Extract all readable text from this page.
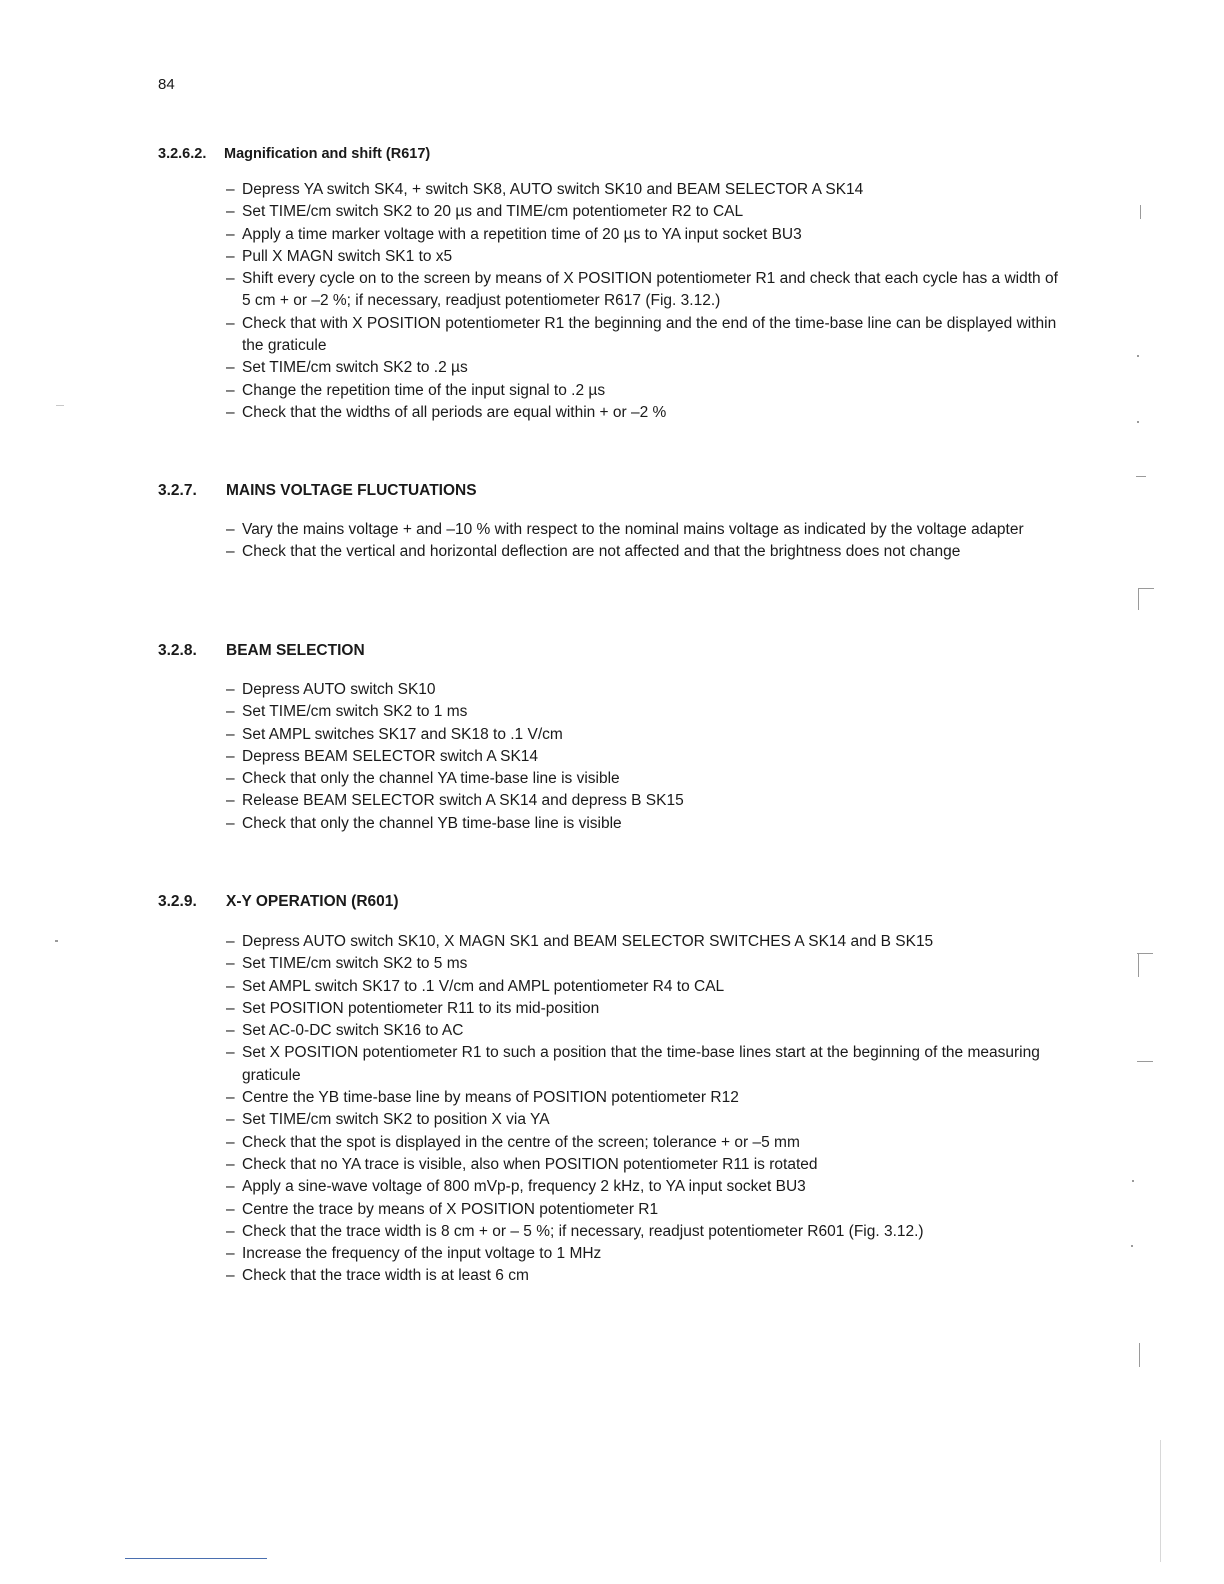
84
3.2.6.2.	Magnification and shift (R617)
– Depress YA switch SK4, + switch SK8, AUTO switch SK10 and BEAM SELECTOR A SK14
– Set TIME/cm switch SK2 to 20 µs and TIME/cm potentiometer R2 to CAL
– Apply a time marker voltage with a repetition time of 20 µs to YA input socket BU3
– Pull X MAGN switch SK1 to x5
– Shift every cycle on to the screen by means of X POSITION potentiometer R1 and check that each cycle has a width of 5 cm + or –2 %; if necessary, readjust potentiometer R617 (Fig. 3.12.)
– Check that with X POSITION potentiometer R1 the beginning and the end of the time-base line can be displayed within the graticule
– Set TIME/cm switch SK2 to .2 µs
– Change the repetition time of the input signal to .2 µs
– Check that the widths of all periods are equal within + or –2 %
3.2.7.	MAINS VOLTAGE FLUCTUATIONS
– Vary the mains voltage + and –10 % with respect to the nominal mains voltage as indicated by the voltage adapter
– Check that the vertical and horizontal deflection are not affected and that the brightness does not change
3.2.8.	BEAM SELECTION
– Depress AUTO switch SK10
– Set TIME/cm switch SK2 to 1 ms
– Set AMPL switches SK17 and SK18 to .1 V/cm
– Depress BEAM SELECTOR switch A SK14
– Check that only the channel YA time-base line is visible
– Release BEAM SELECTOR switch A SK14 and depress B SK15
– Check that only the channel YB time-base line is visible
3.2.9.	X-Y OPERATION (R601)
– Depress AUTO switch SK10, X MAGN SK1 and BEAM SELECTOR SWITCHES A SK14 and B SK15
– Set TIME/cm switch SK2 to 5 ms
– Set AMPL switch SK17 to .1 V/cm and AMPL potentiometer R4 to CAL
– Set POSITION potentiometer R11 to its mid-position
– Set AC-0-DC switch SK16 to AC
– Set X POSITION potentiometer R1 to such a position that the time-base lines start at the beginning of the measuring graticule
– Centre the YB time-base line by means of POSITION potentiometer R12
– Set TIME/cm switch SK2 to position X via YA
– Check that the spot is displayed in the centre of the screen; tolerance + or –5 mm
– Check that no YA trace is visible, also when POSITION potentiometer R11 is rotated
– Apply a sine-wave voltage of 800 mVp-p, frequency 2 kHz, to YA input socket BU3
– Centre the trace by means of X POSITION potentiometer R1
– Check that the trace width is 8 cm + or – 5 %; if necessary, readjust potentiometer R601 (Fig. 3.12.)
– Increase the frequency of the input voltage to 1 MHz
– Check that the trace width is at least 6 cm
